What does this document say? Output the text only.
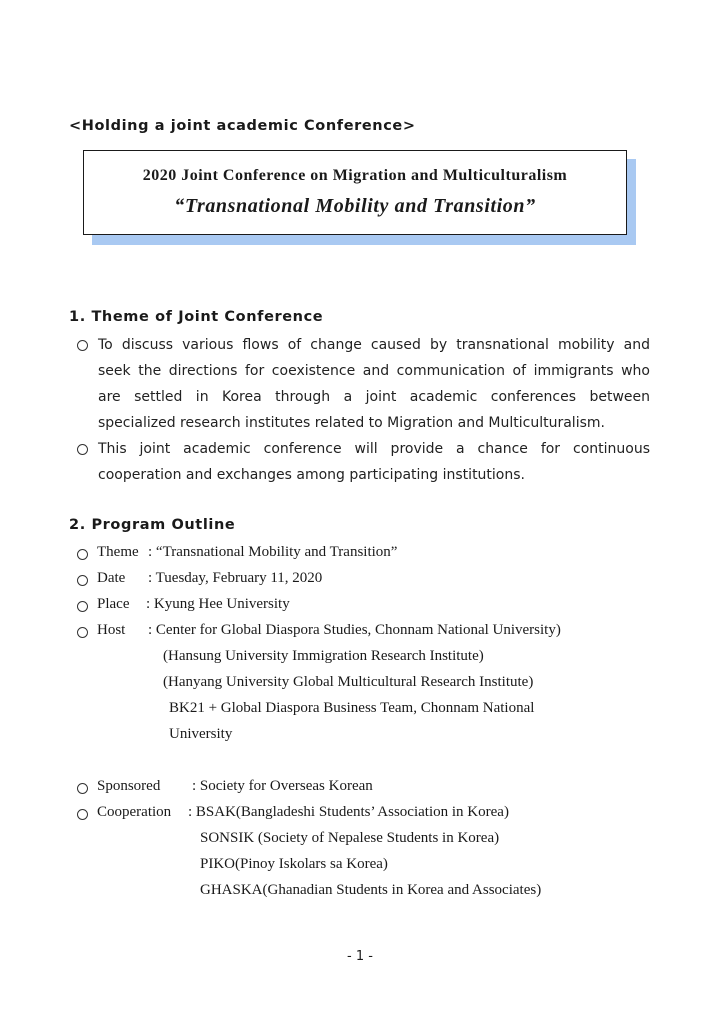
<Holding a joint academic Conference>
2020 Joint Conference on Migration and Multiculturalism
“Transnational Mobility and Transition”
1. Theme of Joint Conference
To discuss various flows of change caused by transnational mobility and
seek the directions for coexistence and communication of immigrants who
are settled in Korea through a joint academic conferences between
specialized research institutes related to Migration and Multiculturalism.
This joint academic conference will provide a chance for continuous
cooperation and exchanges among participating institutions.
2. Program Outline
Theme : “Transnational Mobility and Transition”
Date : Tuesday, February 11, 2020
Place : Kyung Hee University
Host : Center for Global Diaspora Studies, Chonnam National University)
(Hansung University Immigration Research Institute)
(Hanyang University Global Multicultural Research Institute)
BK21 + Global Diaspora Business Team, Chonnam National
University
Sponsored : Society for Overseas Korean
Cooperation : BSAK(Bangladeshi Students’ Association in Korea)
SONSIK (Society of Nepalese Students in Korea)
PIKO(Pinoy Iskolars sa Korea)
GHASKA(Ghanadian Students in Korea and Associates)
- 1 -
